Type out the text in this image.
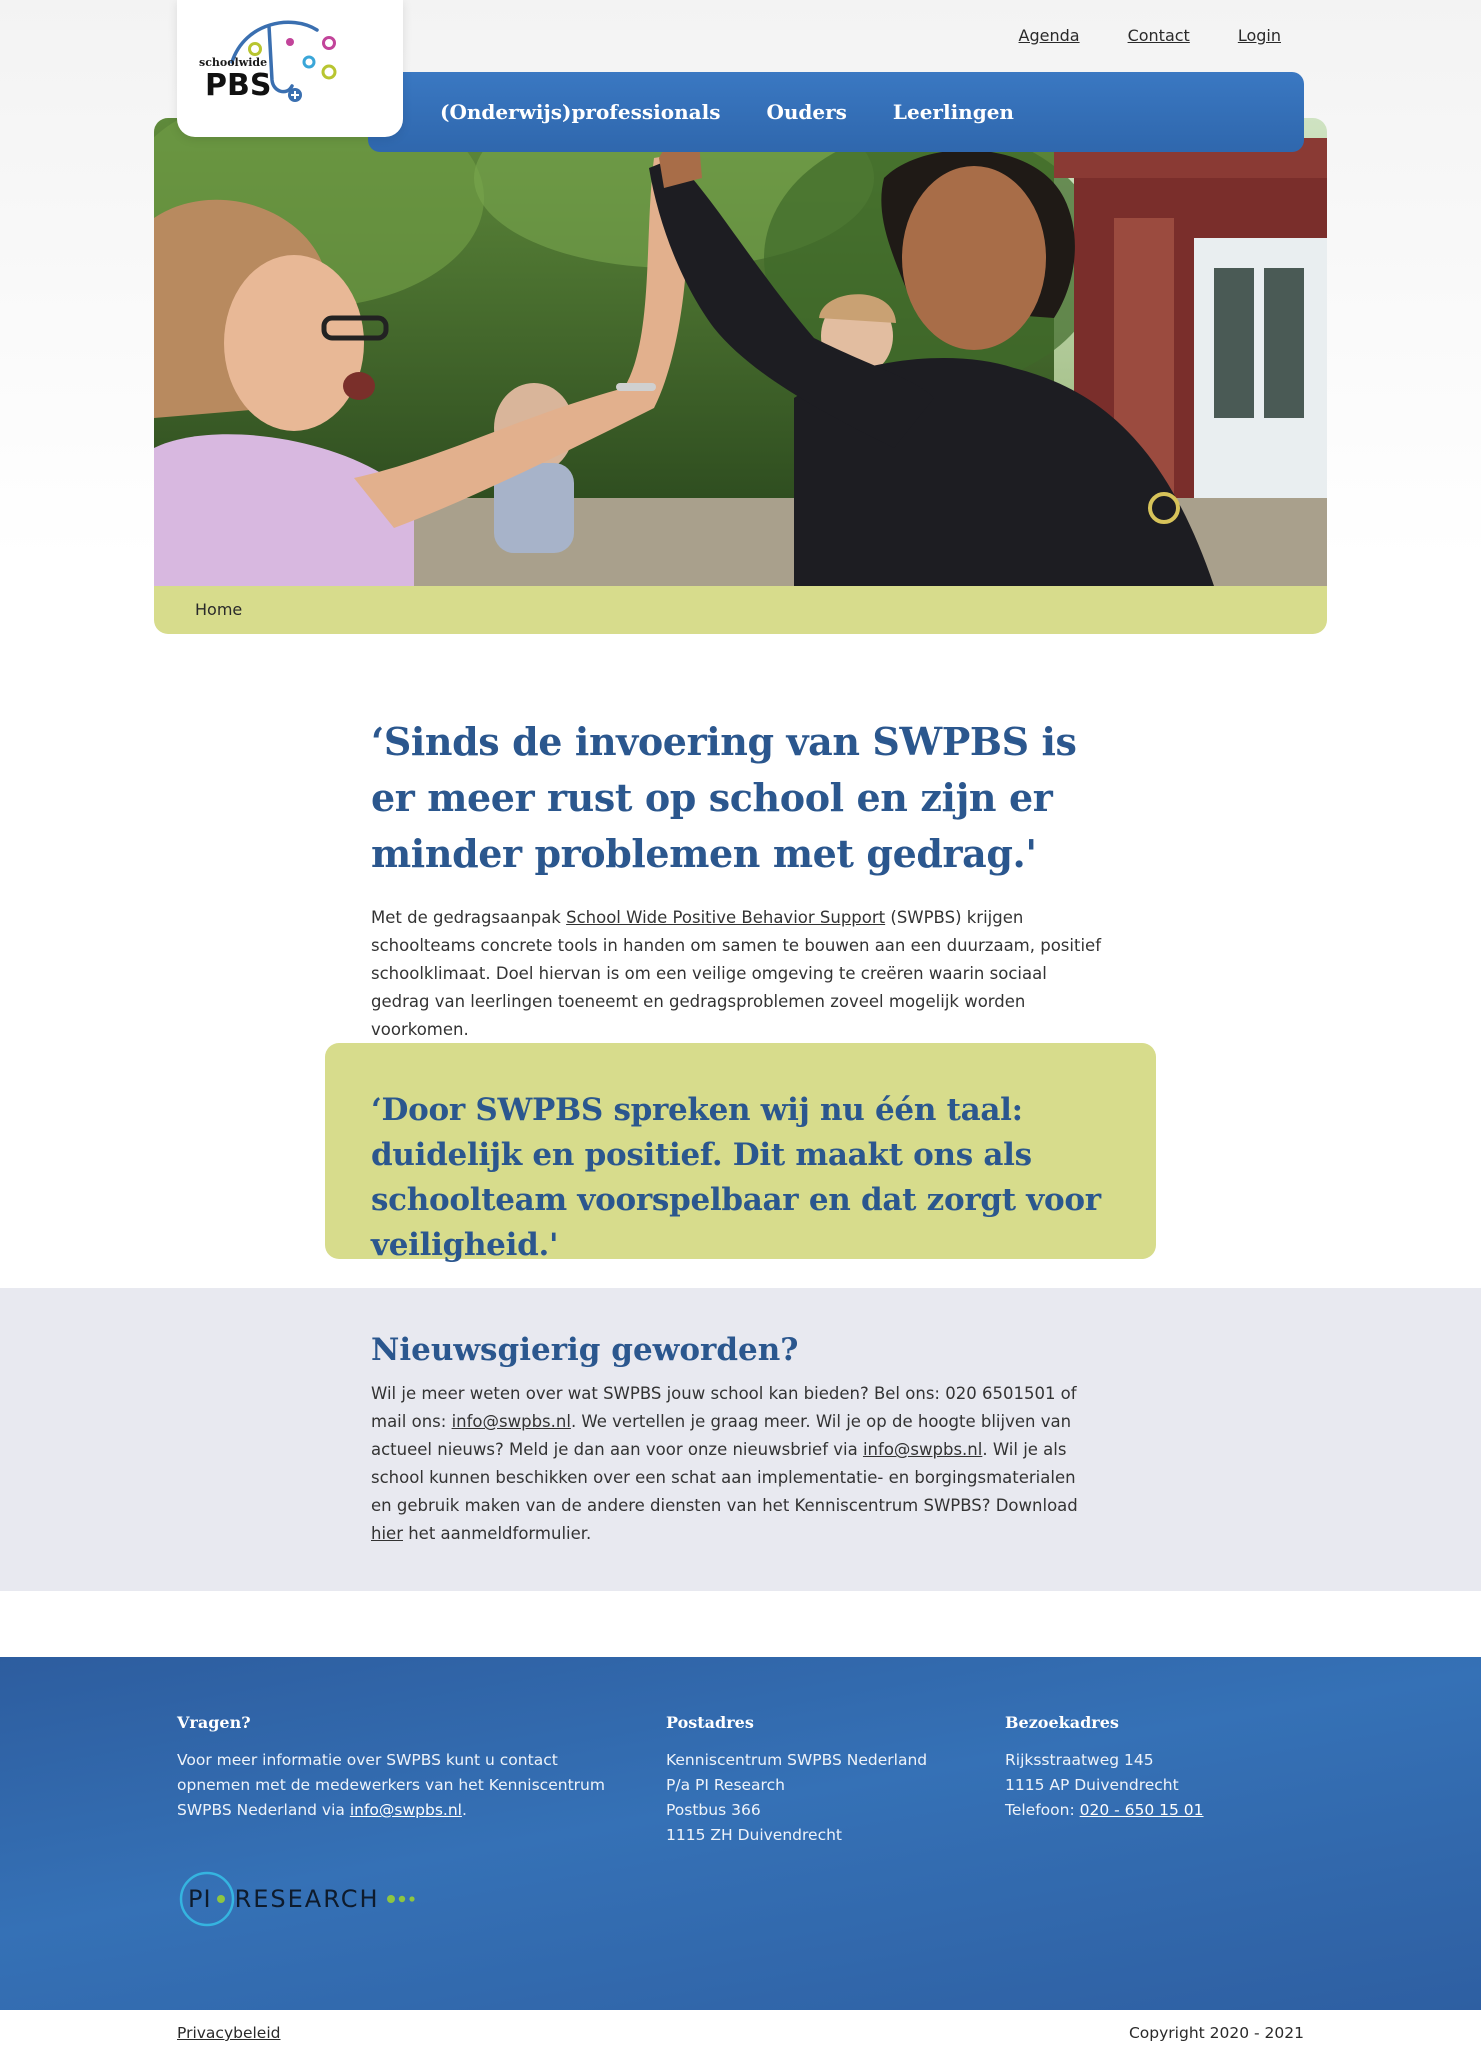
Agenda	Contact	Login
schoolwide
PBS
(Onderwijs)professionals Ouders Leerlingen
Home
‘Sinds de invoering van SWPBS is er meer rust op school en zijn er minder problemen met gedrag.'

Met de gedragsaanpak School Wide Positive Behavior Support (SWPBS) krijgen schoolteams concrete tools in handen om samen te bouwen aan een duurzaam, positief schoolklimaat. Doel hiervan is om een veilige omgeving te creëren waarin sociaal gedrag van leerlingen toeneemt en gedragsproblemen zoveel mogelijk worden voorkomen.

‘Door SWPBS spreken wij nu één taal: duidelijk en positief. Dit maakt ons als schoolteam voorspelbaar en dat zorgt voor veiligheid.'
Nieuwsgierig geworden?

Wil je meer weten over wat SWPBS jouw school kan bieden? Bel ons: 020 6501501 of mail ons: info@swpbs.nl. We vertellen je graag meer. Wil je op de hoogte blijven van actueel nieuws? Meld je dan aan voor onze nieuwsbrief via info@swpbs.nl. Wil je als school kunnen beschikken over een schat aan implementatie- en borgingsmaterialen en gebruik maken van de andere diensten van het Kenniscentrum SWPBS? Download hier het aanmeldformulier.

Vragen?

Voor meer informatie over SWPBS kunt u contact opnemen met de medewerkers van het Kenniscentrum SWPBS Nederland via info@swpbs.nl.

PI RESEARCH
Postadres

Kenniscentrum SWPBS Nederland

P/a PI Research

Postbus 366

1115 ZH Duivendrecht

Bezoekadres

Rijksstraatweg 145

1115 AP Duivendrecht

Telefoon: 020 - 650 15 01

Privacybeleid	Copyright 2020 - 2021
